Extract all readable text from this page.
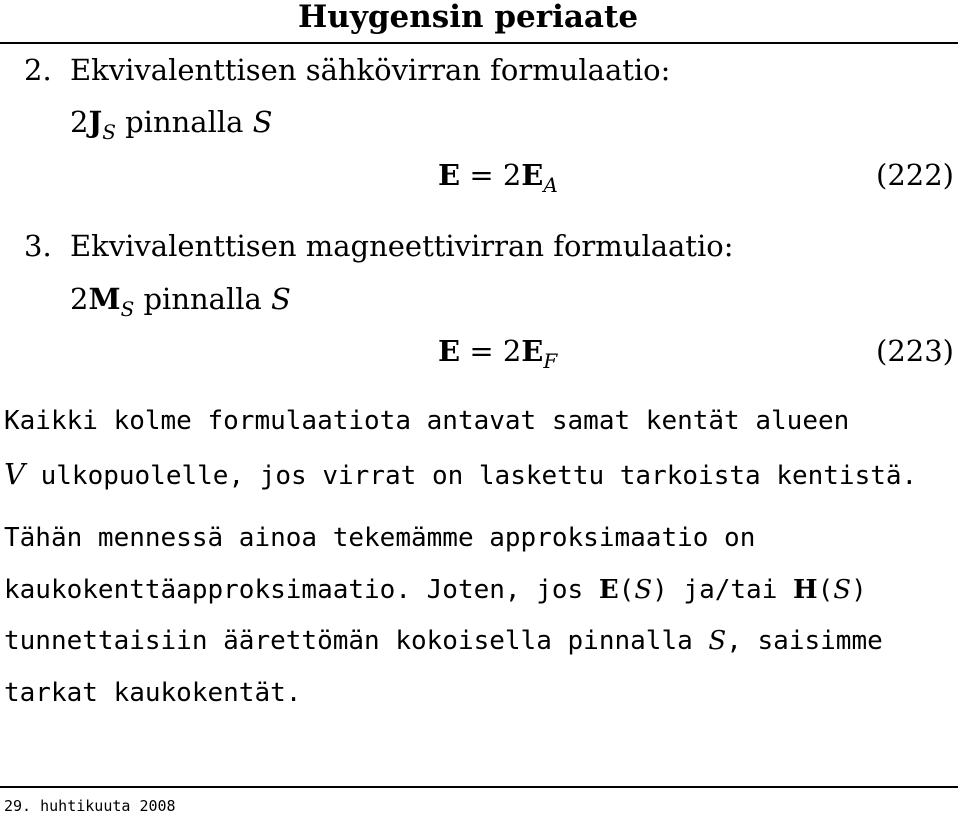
Huygensin periaate
2. Ekvivalenttisen sähkövirran formulaatio:
$2J_S$ pinnalla S
$E = 2E_A$	(222)
3. Ekvivalenttisen magneettivirran formulaatio:
$2M_S$ pinnalla S
$E = 2E_F$	(223)
Kaikki kolme formulaatiota antavat samat kentät alueen
V ulkopuolelle, jos virrat on laskettu tarkoista kentistä.
Tähän mennessä ainoa tekemämme approksimaatio on
kaukokenttäapproksimaatio. Joten, jos E(S) ja/tai H(S)
tunnettaisiin äärettömän kokoisella pinnalla S, saisimme
tarkat kaukokentät.
29. huhtikuuta 2008
